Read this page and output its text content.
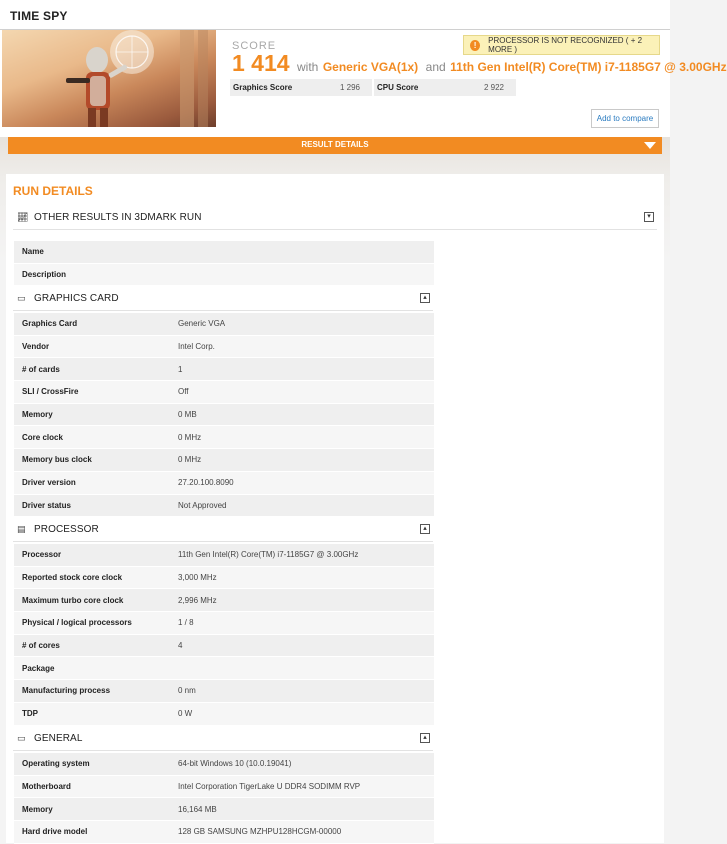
TIME SPY
SCORE
1 414 with Generic VGA(1x) and 11th Gen Intel(R) Core(TM) i7-1185G7 @ 3.00GHz
!	PROCESSOR IS NOT RECOGNIZED ( + 2 MORE )
Graphics Score	1 296 CPU Score	2 922
Add to compare
RESULT DETAILS
RUN DETAILS
📈︎ OTHER RESULTS IN 3DMARK RUN	▾
Name
Description
▭ GRAPHICS CARD	▴
Graphics Card	Generic VGA
Vendor	Intel Corp.
# of cards	1
SLI / CrossFire	Off
Memory	0 MB
Core clock	0 MHz
Memory bus clock	0 MHz
Driver version	27.20.100.8090
Driver status	Not Approved
▤ PROCESSOR	▴
Processor	11th Gen Intel(R) Core(TM) i7-1185G7 @ 3.00GHz
Reported stock core clock	3,000 MHz
Maximum turbo core clock	2,996 MHz
Physical / logical processors	1 / 8
# of cores	4
Package
Manufacturing process	0 nm
TDP	0 W
▭ GENERAL	▴
Operating system	64-bit Windows 10 (10.0.19041)
Motherboard	Intel Corporation TigerLake U DDR4 SODIMM RVP
Memory	16,164 MB
Hard drive model	128 GB SAMSUNG MZHPU128HCGM-00000
